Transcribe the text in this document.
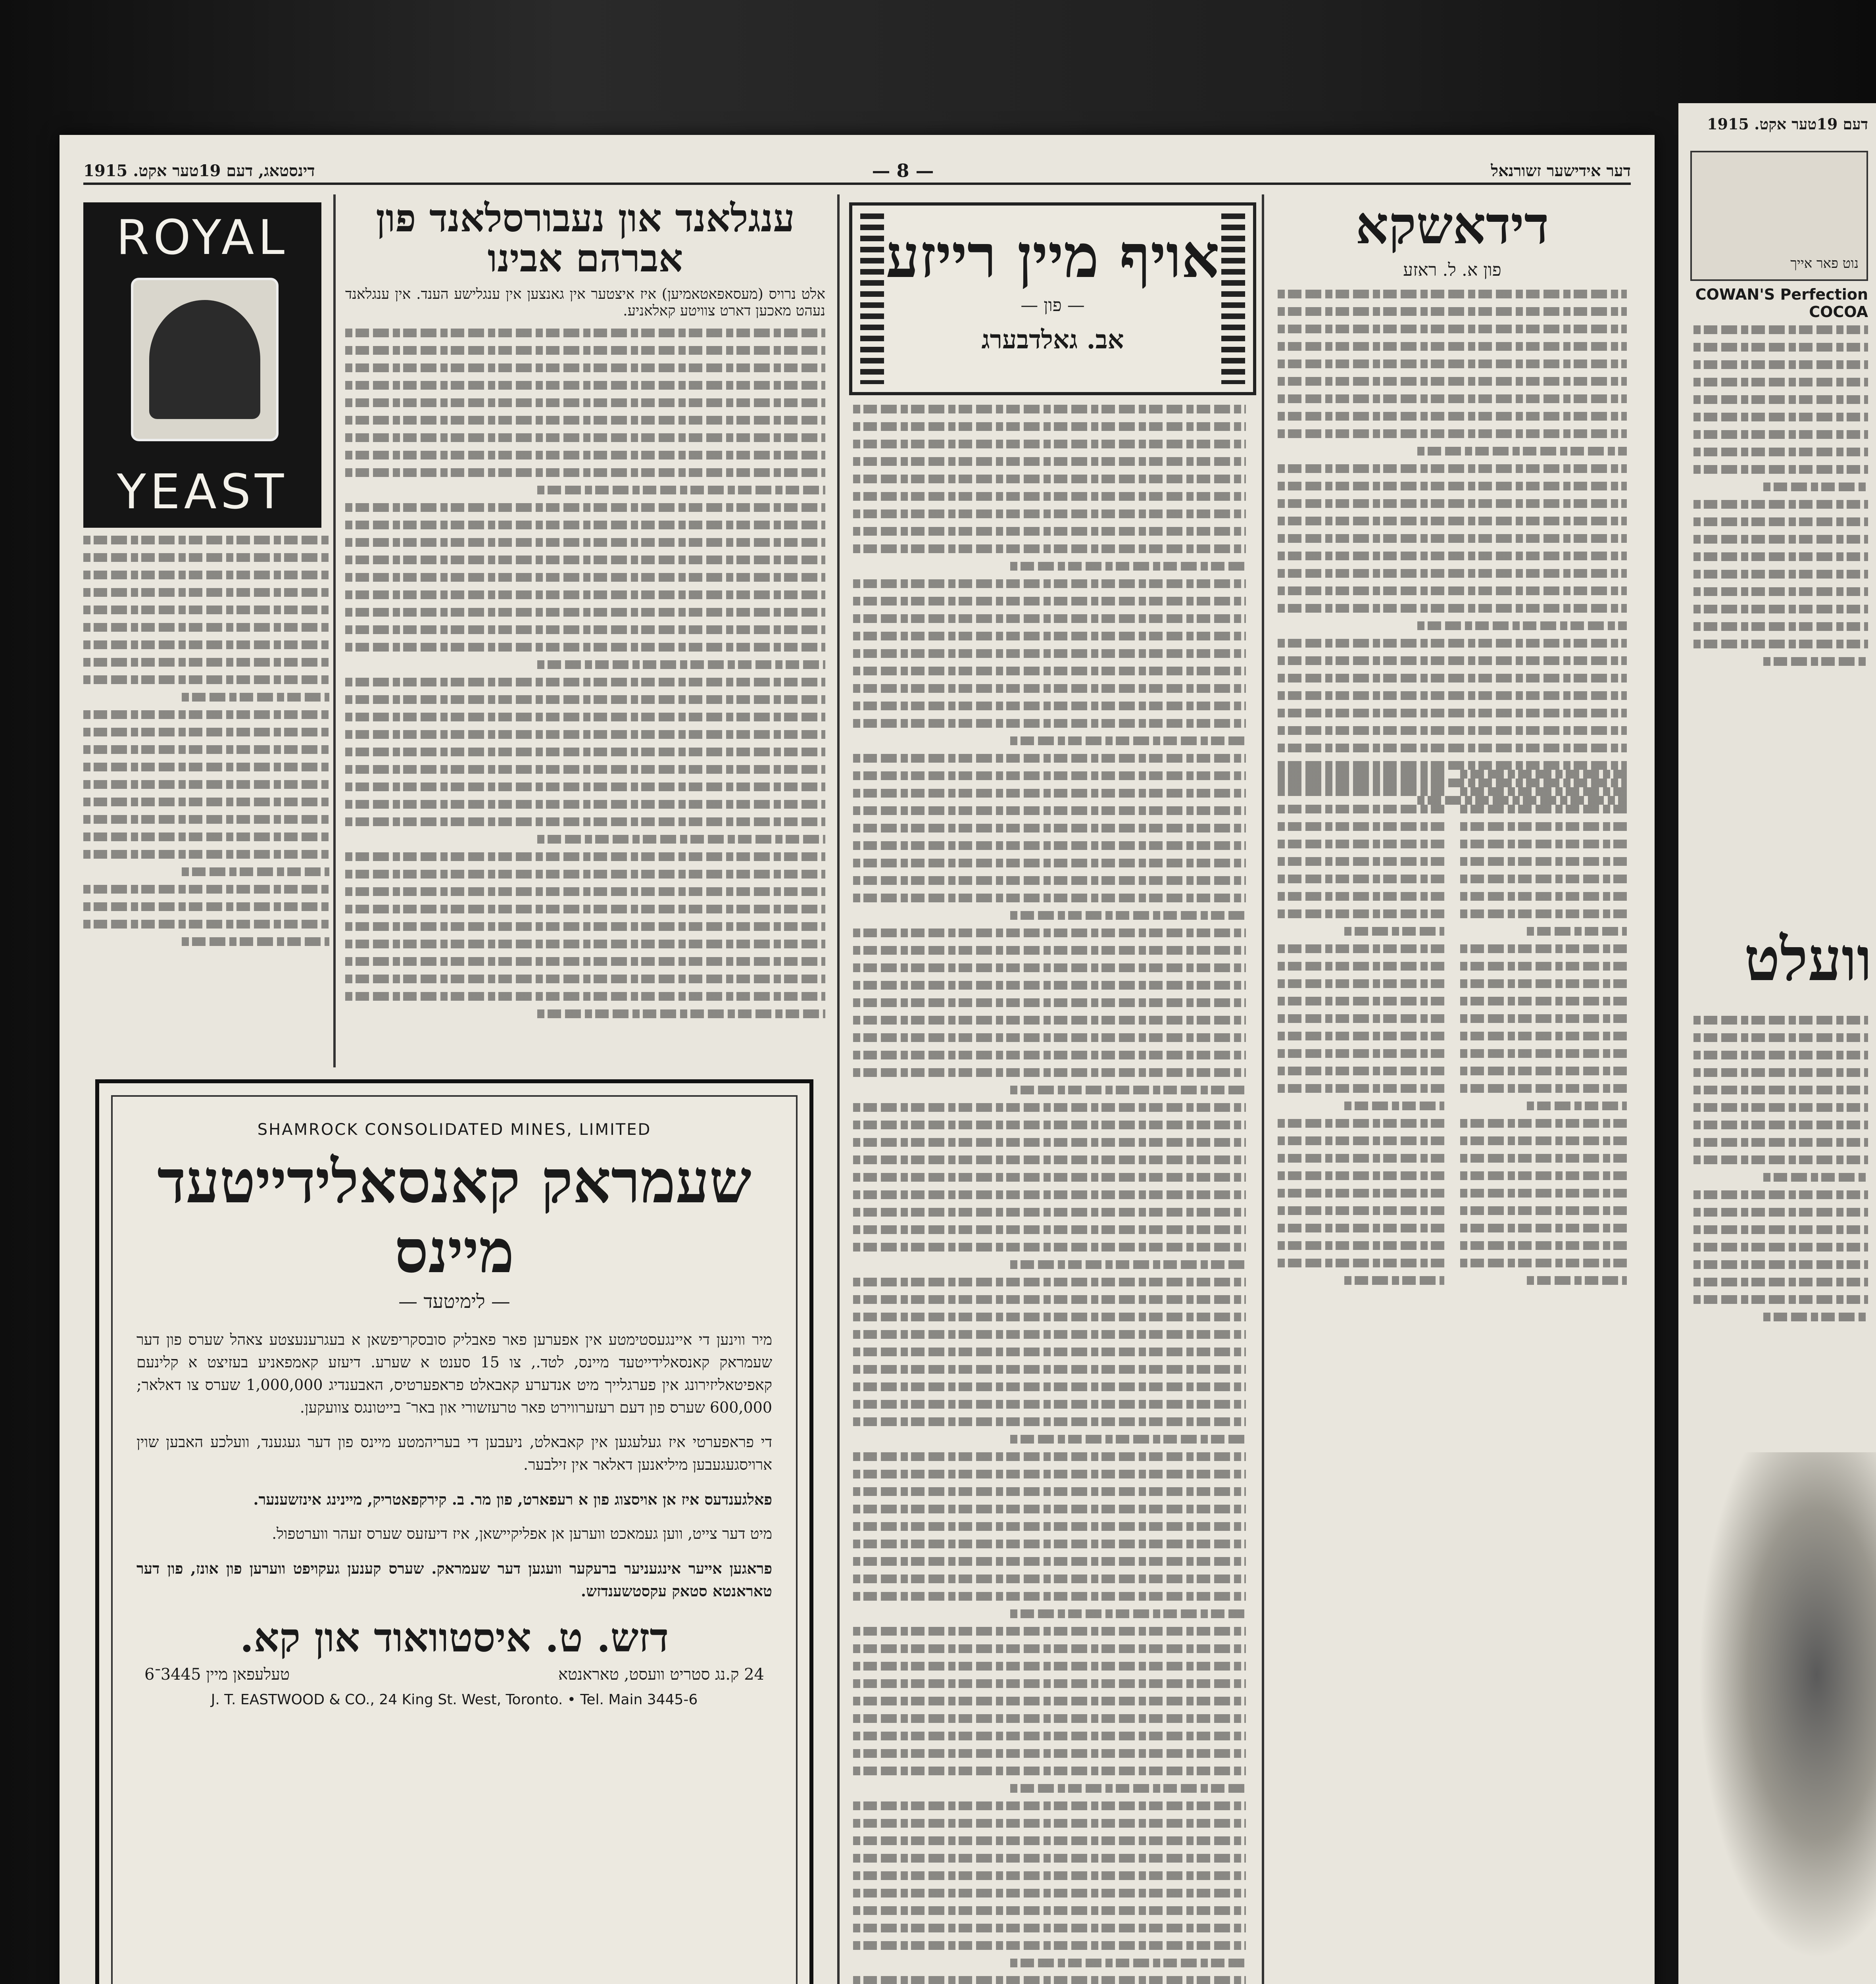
דער אידישער זשורנאל
— 8 —
דינסטאג, דעם 19טער אקט. 1915
דידאשקא
פון א. ל. ראזע
אויף מיין רייזע
— פון —
אב. גאלדבערג
ענגלאנד און נעבורסלאנד פון אברהם אבינו
אלט נרויס (מעסאפאטאמיען) איז איצטער אין גאנצען אין ענגלישע הענד. אין ענגלאנד נעהט מאכען דארט צוויטע קאלאניע.
ROYAL
YEAST
SHAMROCK CONSOLIDATED MINES, LIMITED
שעמראק קאנסאלידייטעד מיינס
— לימיטעד —

מיר ווינען די איינגעסטימטע אין אפערען פאר פאבליק סובסקריפשאן א בעגרענעצטע צאהל שערס פון דער שעמראק קאנסאלידייטעד מיינס, לטד., צו 15 סענט א שערע. דיעזע קאמפאניע בעזיצט א קלינעם קאפיטאליזירונג אין פערגלייך מיט אנדערע קאבאלט פראפערטיס, האבענדיג 1,000,000 שערס צו דאלאר; 600,000 שערס פון דעם רעזערווירט פאר טרעזשורי און באר־ בייטונגס צוועקען.

די פראפערטי איז געלעגען אין קאבאלט, ניעבען די בעריהמטע מיינס פון דער געגענד, וועלכע האבען שוין ארויסגעגעבען מיליאנען דאלאר אין זילבער.

פאלגענדעס איז אן אויסצוג פון א רעפארט, פון מר. ב. קירקפאטריק, מיינינג אינזשענער.

מיט דער צייט, ווען געמאכט ווערען אן אפליקיישאן, איז דיעזעס שערס זעהר ווערטפול.

פראגען אייער אינגעניער ברעקער וועגען דער שעמראק. שערס קענען געקויפט ווערען פון אונז, פון דער טאראנטא סטאק עקסטשענדזש.

דזש. ט. איסטוואוד און קא.
24 ק.נג סטריט וועסט, טאראנטא
טעלעפאן מיין 3445־6
J. T. EASTWOOD & CO., 24 King St. West, Toronto. • Tel. Main 3445-6
דעם 19טער אקט. 1915
נוט פאר אייך
COWAN'S Perfection COCOA
וועלט
